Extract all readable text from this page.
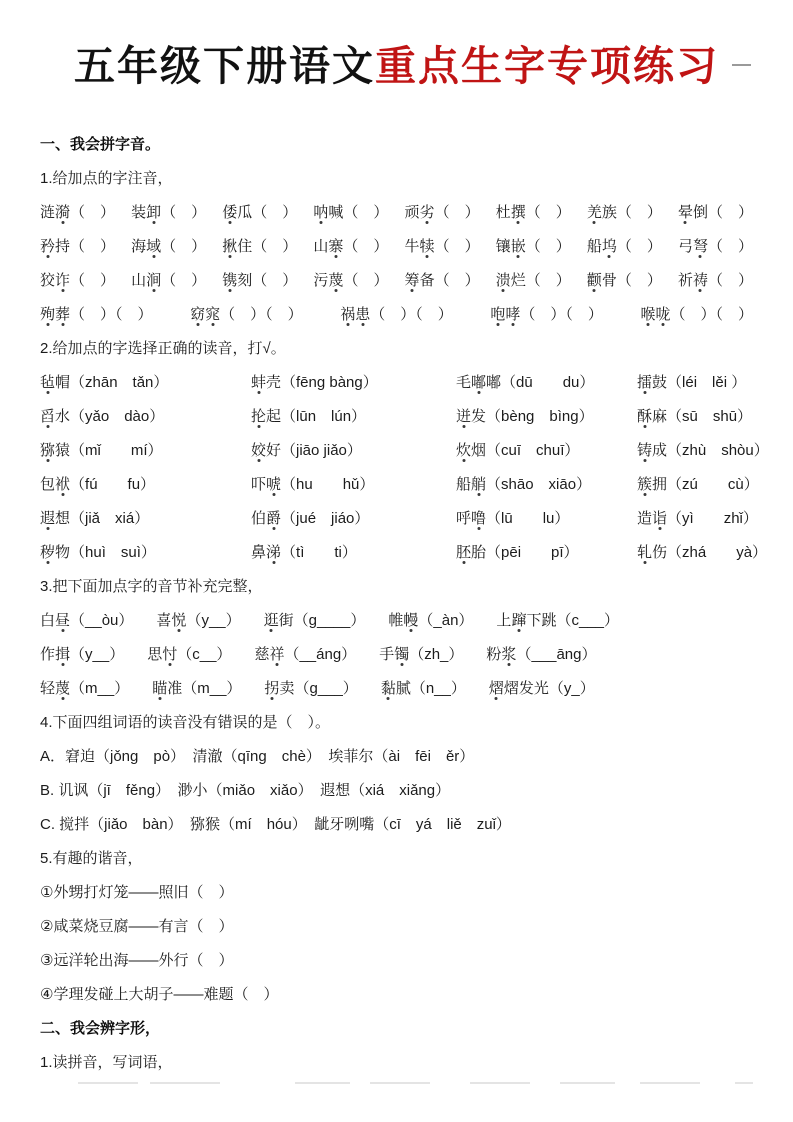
五年级下册语文重点生字专项练习
一、我会拼字音。
1.给加点的字注音，
涟漪（　） 装卸（　） 倭瓜（　） 呐喊（　） 顽劣（　） 杜撰（　） 羌族（　） 晕倒（　）
矜持（　） 海域（　） 揪住（　） 山寨（　） 牛犊（　） 镶嵌（　） 船坞（　） 弓弩（　）
狡诈（　） 山涧（　） 镌刻（　） 污蔑（　） 筹备（　） 溃烂（　） 颧骨（　） 祈祷（　）
殉葬（　）（　）	窈窕（　）（　）	祸患（　）（　）	咆哮（　）（　）	喉咙（　）（　）
2.给加点的字选择正确的读音，打√。
毡帽（zhān　tǎn）	蚌壳（fēng bàng）	毛嘟嘟（dū　　du）	擂鼓（léi　lěi ）
舀水（yǎo　dào）	抡起（lūn　lún）	迸发（bèng　bìng）	酥麻（sū　shū）
猕猿（mǐ　　mí）	姣好（jiāo jiǎo）	炊烟（cuī　chuī）	铸成（zhù　shòu）
包袱（fú　　fu）	吓唬（hu　　hǔ）	船艄（shāo　xiāo）	簇拥（zú　　cù）
遐想（jiǎ　xiá）	伯爵（jué　jiáo）	呼噜（lū　　lu）	造诣（yì　　zhǐ）
秽物（huì　suì）	鼻涕（tì　　ti）	胚胎（pēi　　pī）	轧伤（zhá　　yà）
3.把下面加点字的音节补充完整，
白昼（__òu） 喜悦（y__） 逛街（g____） 帷幔（_àn） 上蹿下跳（c___）
作揖（y__） 思忖（c__） 慈祥（__áng） 手镯（zh_） 粉浆（___āng）
轻蔑（m__） 瞄准（m__） 拐卖（g___） 黏腻（n__） 熠熠发光（y_）
4.下面四组词语的读音没有错误的是（　）。
A．窘迫（jǒng　pò）　清澈（qīng　chè）　埃菲尔（ài　fēi　ěr）
B. 讥讽（jī　fěng）　渺小（miǎo　xiǎo）　遐想（xiá　xiǎng）
C. 搅拌（jiǎo　bàn）　猕猴（mí　hóu）　龇牙咧嘴（cī　yá　liě　zuǐ）
5.有趣的谐音，
①外甥打灯笼——照旧（　）
②咸菜烧豆腐——有言（　）
③远洋轮出海——外行（　）
④学理发碰上大胡子——难题（　）
二、我会辨字形，
1.读拼音，写词语，
